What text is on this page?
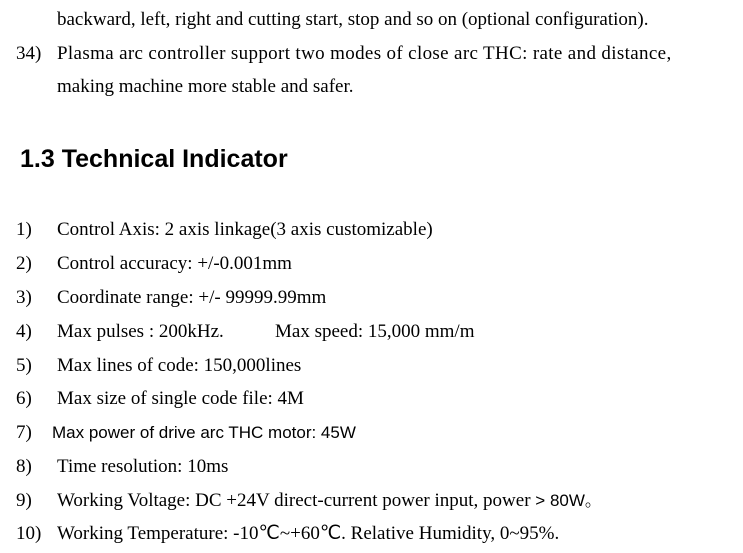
backward, left, right and cutting start, stop and so on (optional configuration).
34) Plasma arc controller support two modes of close arc THC: rate and distance,
making machine more stable and safer.
1.3 Technical Indicator
1) Control Axis: 2 axis linkage(3 axis customizable)
2) Control accuracy: +/-0.001mm
3) Coordinate range: +/- 99999.99mm
4) Max pulses : 200kHz.	Max speed: 15,000 mm/m
5) Max lines of code: 150,000lines
6) Max size of single code file: 4M
7) Max power of drive arc THC motor: 45W
8) Time resolution: 10ms
9) Working Voltage: DC +24V direct-current power input, power > 80W。
10) Working Temperature: -10℃~+60℃. Relative Humidity, 0~95%.
